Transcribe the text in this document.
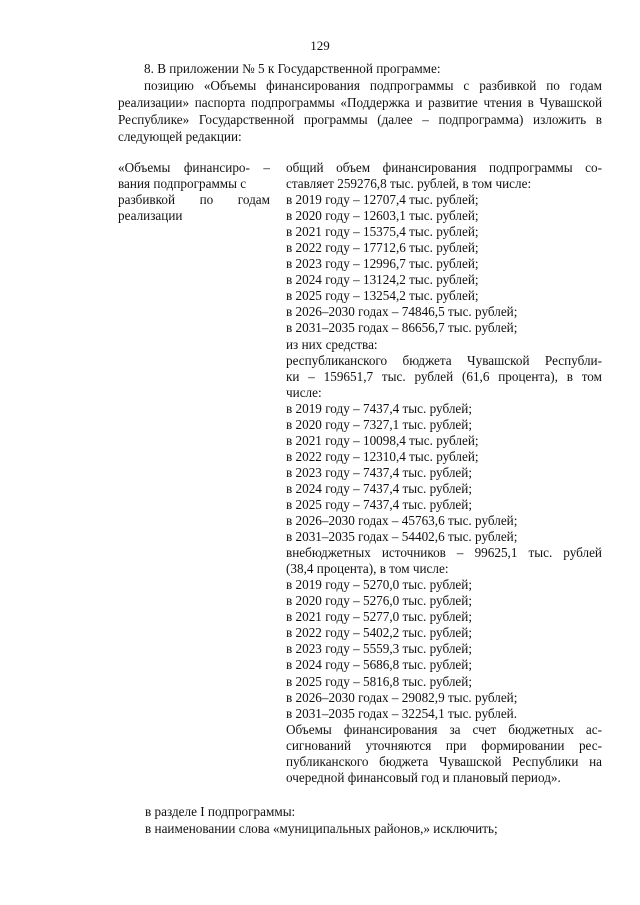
129

8. В приложении № 5 к Государственной программе:

позицию «Объемы финансирования подпрограммы с разбивкой по годам реализации» паспорта подпрограммы «Поддержка и развитие чтения в Чувашской Республике» Государственной программы (далее – подпрограмма) изложить в следующей редакции:

«Объемы финансиро- –
вания подпрограммы с
разбивкой по годам
реализации
общий объем финансирования подпрограммы со-
ставляет 259276,8 тыс. рублей, в том числе:
в 2019 году – 12707,4 тыс. рублей;
в 2020 году – 12603,1 тыс. рублей;
в 2021 году – 15375,4 тыс. рублей;
в 2022 году – 17712,6 тыс. рублей;
в 2023 году – 12996,7 тыс. рублей;
в 2024 году – 13124,2 тыс. рублей;
в 2025 году – 13254,2 тыс. рублей;
в 2026–2030 годах – 74846,5 тыс. рублей;
в 2031–2035 годах – 86656,7 тыс. рублей;
из них средства:
республиканского бюджета Чувашской Республи-
ки – 159651,7 тыс. рублей (61,6 процента), в том
числе:
в 2019 году – 7437,4 тыс. рублей;
в 2020 году – 7327,1 тыс. рублей;
в 2021 году – 10098,4 тыс. рублей;
в 2022 году – 12310,4 тыс. рублей;
в 2023 году – 7437,4 тыс. рублей;
в 2024 году – 7437,4 тыс. рублей;
в 2025 году – 7437,4 тыс. рублей;
в 2026–2030 годах – 45763,6 тыс. рублей;
в 2031–2035 годах – 54402,6 тыс. рублей;
внебюджетных источников – 99625,1 тыс. рублей
(38,4 процента), в том числе:
в 2019 году – 5270,0 тыс. рублей;
в 2020 году – 5276,0 тыс. рублей;
в 2021 году – 5277,0 тыс. рублей;
в 2022 году – 5402,2 тыс. рублей;
в 2023 году – 5559,3 тыс. рублей;
в 2024 году – 5686,8 тыс. рублей;
в 2025 году – 5816,8 тыс. рублей;
в 2026–2030 годах – 29082,9 тыс. рублей;
в 2031–2035 годах – 32254,1 тыс. рублей.
Объемы финансирования за счет бюджетных ас-
сигнований уточняются при формировании рес-
публиканского бюджета Чувашской Республики на
очередной финансовый год и плановый период».
в разделе I подпрограммы:
в наименовании слова «муниципальных районов,» исключить;
